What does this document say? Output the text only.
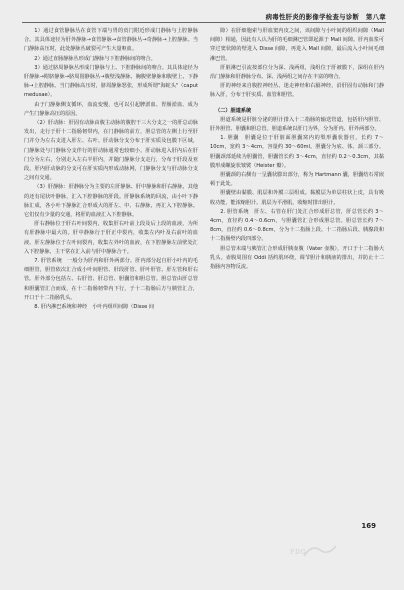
病毒性肝炎的影像学检查与诊断　第八章

1）通过食管静脉丛在食管下端与胃的贲门附近形成门静脉与上腔静脉合。其具体途径为肝外静脉→食管静脉→食管静脉丛→奇静脉→上腔静脉。当门静脉高压时，此处静脉丛破裂可产生大量呕血。

2）通过直肠静脉丛形成门静脉与下腔静脉间的吻合。

3）通过脐周静脉丛形成门静脉与上、下腔静脉间的吻合。其具体途径为肝静脉→附脐静脉→脐周围静脉丛→腹壁浅静脉、胸腹壁静脉和腹壁上、下静脉→上腔静脉。当门静脉高压时，脐周静脉怒张，形成所谓"海蛇头"（caput medusae）。

由于门静脉侧支循环，血流变慢，也可以引起脾淤血、胃肠淤血、成为产生门静脉高压的原因。

（2）肝动脉：肝固有动脉由腹主动脉的腹腔干三大分支之一的肝总动脉发出，走行于肝十二指肠韧带内，在门静脉的前方，胆总管的左侧上行至肝门并分为左右支进入肝左、右叶。肝动脉分支分布于肝实质及包膜下区域，门静脉处与门静脉分支伴行的肝动脉通常也较细小。肝动脉进入肝内后在肝门分为左右，分别走入左右半肝内，并随门静脉分支走行，分布于肝段及亚段。肝内肝动脉的分支可在肝实质内形成动脉网，门静脉分支与肝动脉分支之间有交通。

（3）肝静脉：肝静脉分为主要的左肝静脉、肝中静脉和肝右静脉，其他的还有尾状叶静脉，汇入下腔静脉的肝段。肝静脉系统的回流，由小叶下静脉汇成，各小叶下静脉汇合形成大的肝左、中、右静脉，再汇入下腔静脉。它们仅有少量的交通，将肝的血液汇入下腔静脉。

肝右静脉位于肝右叶间裂内，收集肝右叶前上段及后上段的血液，为所有肝静脉中最大的。肝中静脉行于肝正中裂内，收集左内叶及右前叶的血液。肝左静脉位于左叶间裂内，收集左外叶的血液，在下腔静脉左前壁处汇入下腔静脉，主干常在汇入前与肝中静脉合干。

7. 肝管系统　一般分为肝内和肝外两部分。肝内部分起自肝小叶内的毛细胆管，胆管依次汇合成小叶间胆管、肝段肝管、肝叶肝管、肝左管和肝右管。肝外部分包括左、右肝管、肝总管、胆囊管和胆总管。胆总管由肝总管和胆囊管汇合而成，在十二指肠韧带内下行，于十二指肠后方与胰管汇合，开口于十二指肠乳头。

8. 肝内淋巴系统和神经　小叶内组织间隙（Disse 间

隙）在肝细胞索与肝血窦内皮之间，该间隙与小叶间的组织间隙（Mall 间隙）相通，因此有人认为肝的毛细淋巴管即起源于 Mall 间隙。肝内血浆可穿过窦状隙的壁进入 Disse 间隙，再进入 Mall 间隙，最后流入小叶间毛细淋巴管。

肝脏淋巴引流按部位分为深、浅两组，浅组位于肝被膜下，深组在肝内沿门静脉和肝静脉分布。深、浅两组之间存在丰富的吻合。

肝的神经来自腹腔神经丛、迷走神经和右膈神经，沿肝固有动脉和门静脉入肝，分布于肝实质、血管和胆管。

（二）胆道系统

胆道系统是肝脏分泌的胆汁排入十二指肠的输送管道，包括肝内胆管、肝外胆管、胆囊和胆总管。胆道系统以肝门为界，分为肝内、肝外两部分。

1. 胆囊　胆囊是位于肝脏面胆囊窝内的梨形囊状器官，长约 7～10cm，宽约 3～4cm，容量约 30～60ml。胆囊分为底、体、颈三部分。胆囊颈部延续为胆囊管，胆囊管长约 3～4cm，直径约 0.2～0.3cm，其黏膜形成螺旋状皱襞（Heister 瓣）。

胆囊颈的右侧有一呈囊状膨出部分，称为 Hartmann 囊，胆囊结石常嵌顿于此处。

胆囊壁由黏膜、肌层和外膜三层组成。黏膜层为单层柱状上皮，具有吸收功能，能浓缩胆汁。肌层为平滑肌，收缩时排出胆汁。

2. 胆管系统　肝左、右管在肝门处汇合形成肝总管，肝总管长约 3～4cm，直径约 0.4～0.6cm，与胆囊管汇合形成胆总管。胆总管长约 7～8cm，直径约 0.6～0.8cm，分为十二指肠上段、十二指肠后段、胰腺段和十二指肠壁内段四部分。

胆总管末端与胰管汇合形成肝胰壶腹（Vater 壶腹），开口于十二指肠大乳头。壶腹周围有 Oddi 括约肌环绕，调节胆汁和胰液的排出，并防止十二指肠内容物反流。

PDG
169
